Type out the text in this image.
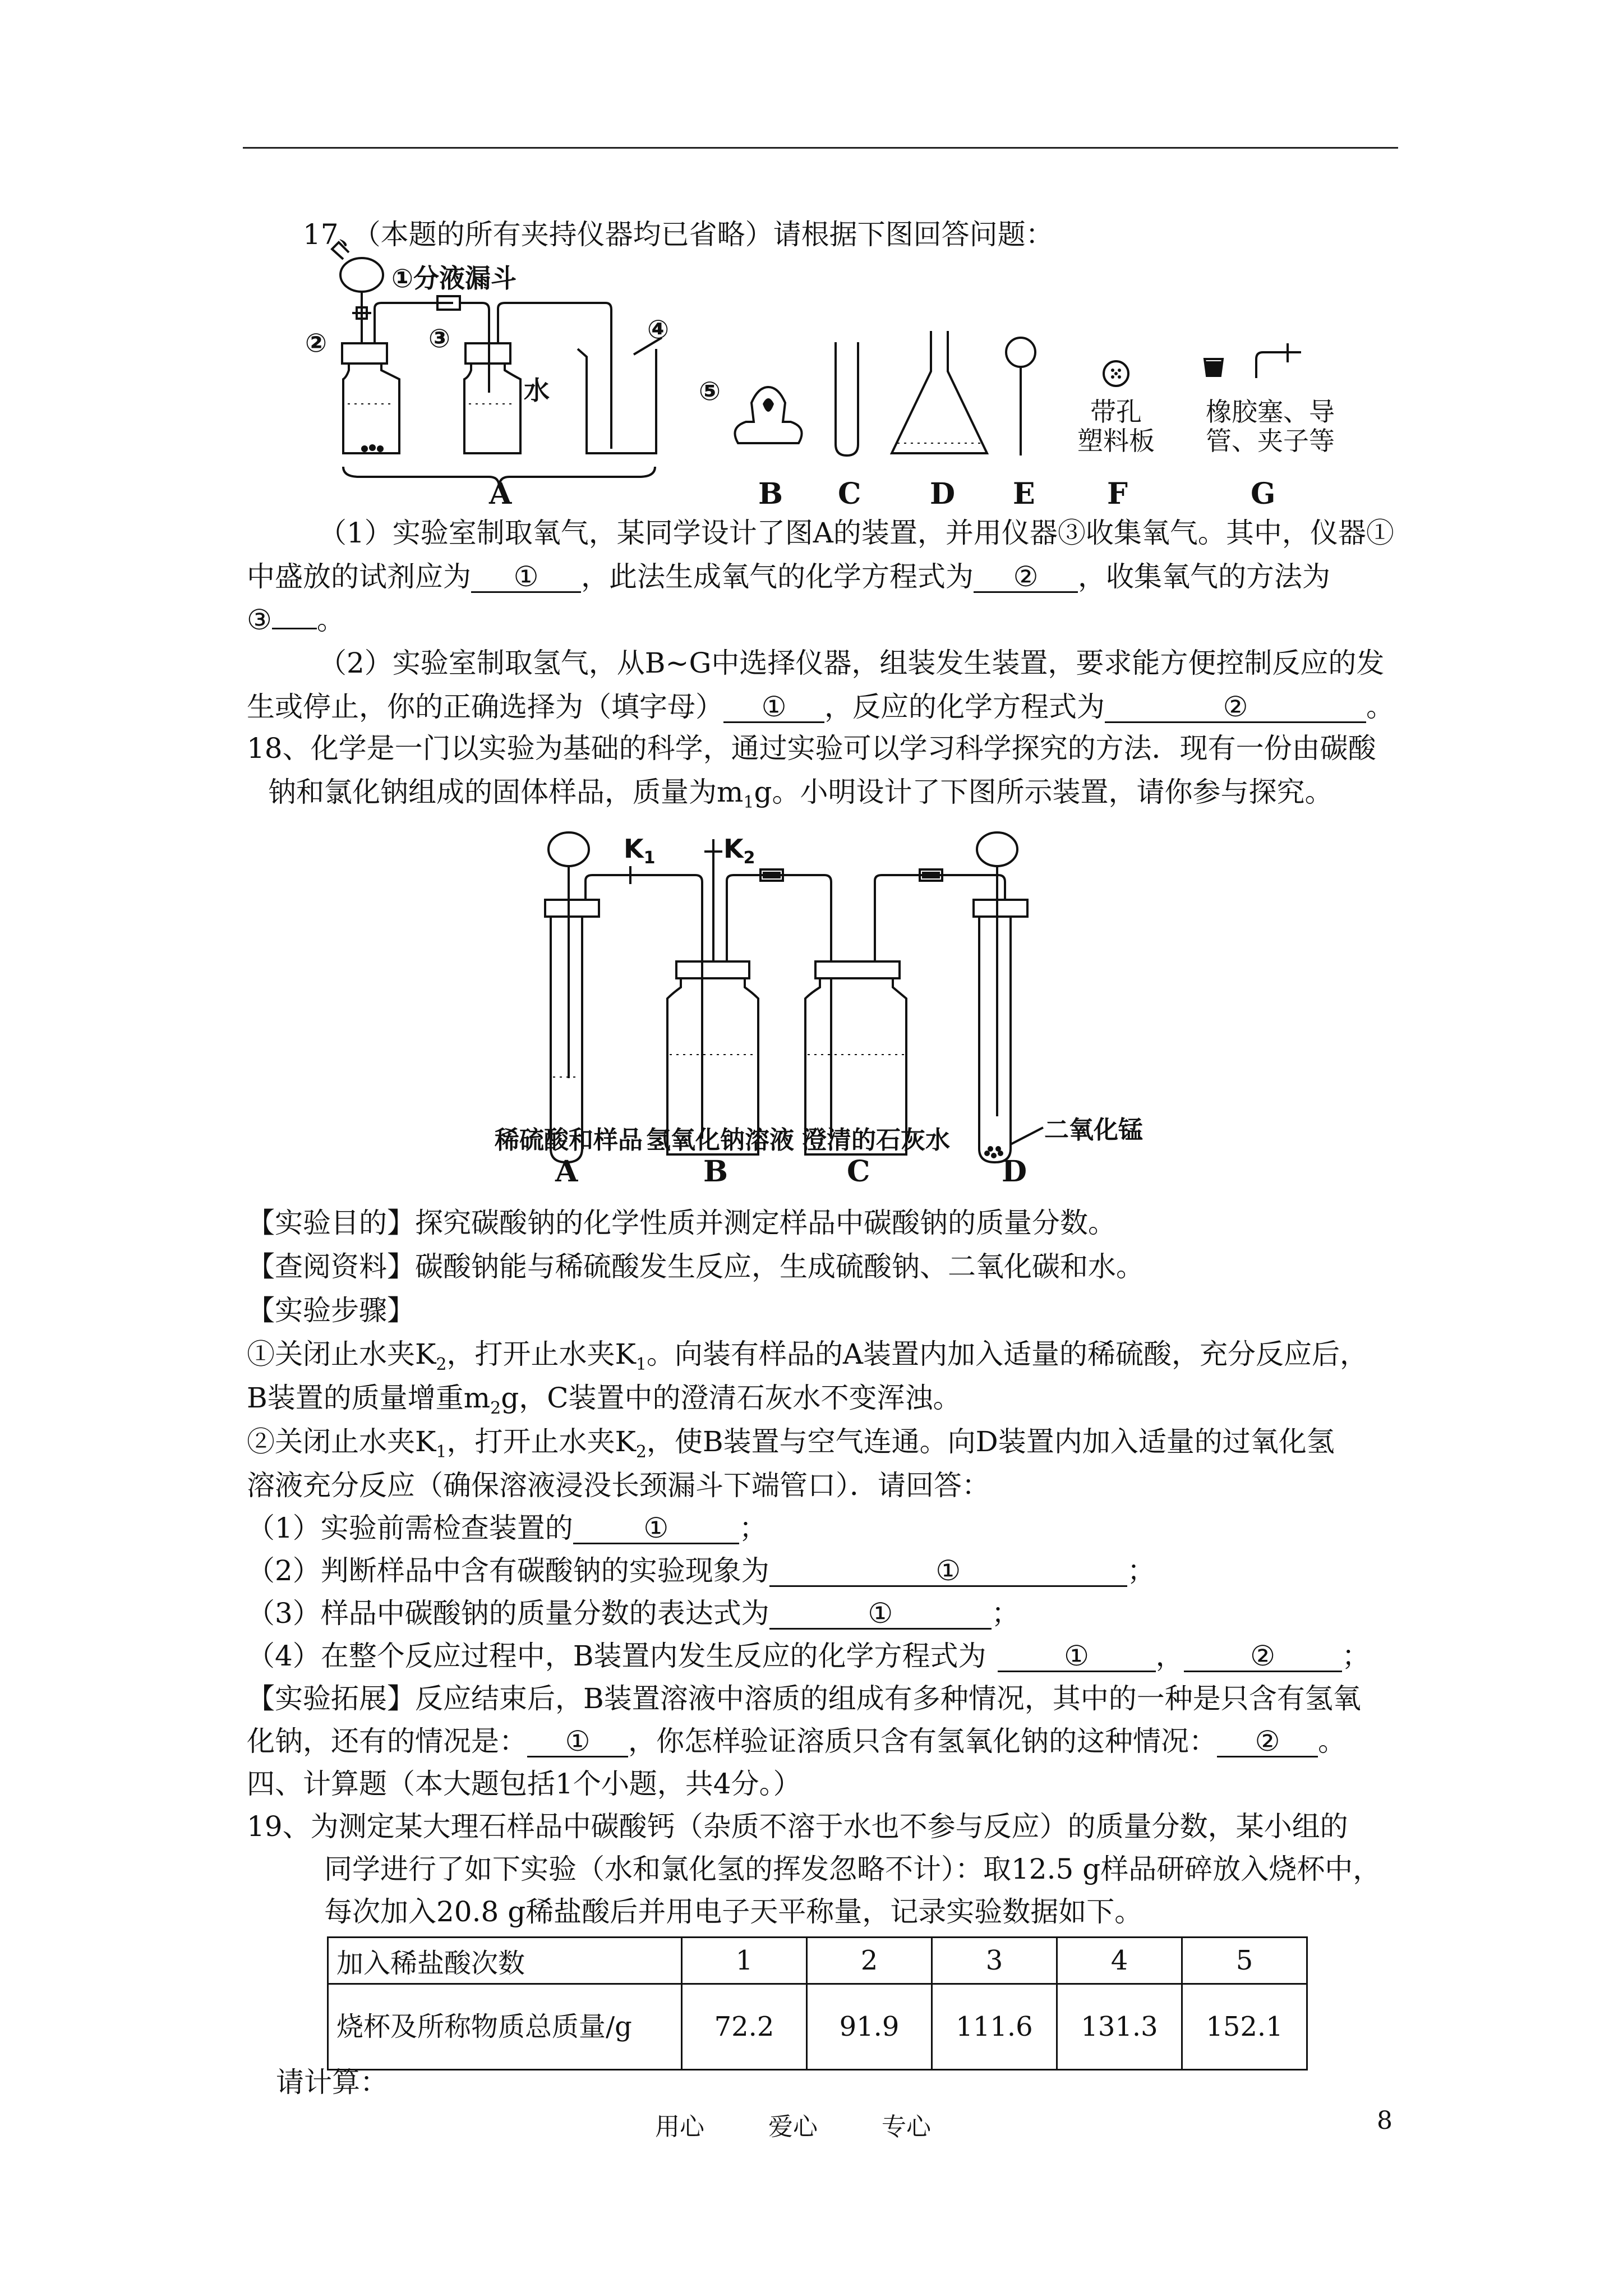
17、（本题的所有夹持仪器均已省略）请根据下图回答问题：
①分液漏斗
②	③
水
④
⑤
带孔
塑料板
橡胶塞、导
管、夹子等
A	B C D E F	G
（1）实验室制取氧气，某同学设计了图A的装置，并用仪器③收集氧气。其中，仪器①
中盛放的试剂应为 ① ，此法生成氧气的化学方程式为 ② ，收集氧气的方法为
③ 。
（2）实验室制取氢气，从B~G中选择仪器，组装发生装置，要求能方便控制反应的发
生或停止，你的正确选择为（填字母） ① ，反应的化学方程式为	②	。
18、化学是一门以实验为基础的科学，通过实验可以学习科学探究的方法．现有一份由碳酸
钠和氯化钠组成的固体样品，质量为$m_1g$。小明设计了下图所示装置，请你参与探究。
$K_1$	$K_2$
稀硫酸和样品 氢氧化钠溶液 澄清的石灰水	二氧化锰
A	B	C	D
【实验目的】探究碳酸钠的化学性质并测定样品中碳酸钠的质量分数。
【查阅资料】碳酸钠能与稀硫酸发生反应，生成硫酸钠、二氧化碳和水。
【实验步骤】
①关闭止水夹$K_2$，打开止水夹$K_1$。向装有样品的A装置内加入适量的稀硫酸，充分反应后，
B装置的质量增重$m_2g$，C装置中的澄清石灰水不变浑浊。
②关闭止水夹$K_1$，打开止水夹$K_2$，使B装置与空气连通。向D装置内加入适量的过氧化氢
溶液充分反应（确保溶液浸没长颈漏斗下端管口）．请回答：
（1）实验前需检查装置的	①	；
（2）判断样品中含有碳酸钠的实验现象为	①	；
（3）样品中碳酸钠的质量分数的表达式为	①	；
（4）在整个反应过程中，B装置内发生反应的化学方程式为	① ， ② ；
【实验拓展】反应结束后，B装置溶液中溶质的组成有多种情况，其中的一种是只含有氢氧
化钠，还有的情况是： ① ，你怎样验证溶质只含有氢氧化钠的这种情况： ② 。
四、计算题（本大题包括1个小题，共4分。）
19、为测定某大理石样品中碳酸钙（杂质不溶于水也不参与反应）的质量分数，某小组的
同学进行了如下实验（水和氯化氢的挥发忽略不计）：取12.5 g样品研碎放入烧杯中，
每次加入20.8 g稀盐酸后并用电子天平称量，记录实验数据如下。
加入稀盐酸次数	1	2	3	4	5
烧杯及所称物质总质量/g	72.2	91.9	111.6	131.3	152.1
请计算：
用心	爱心	专心	8
